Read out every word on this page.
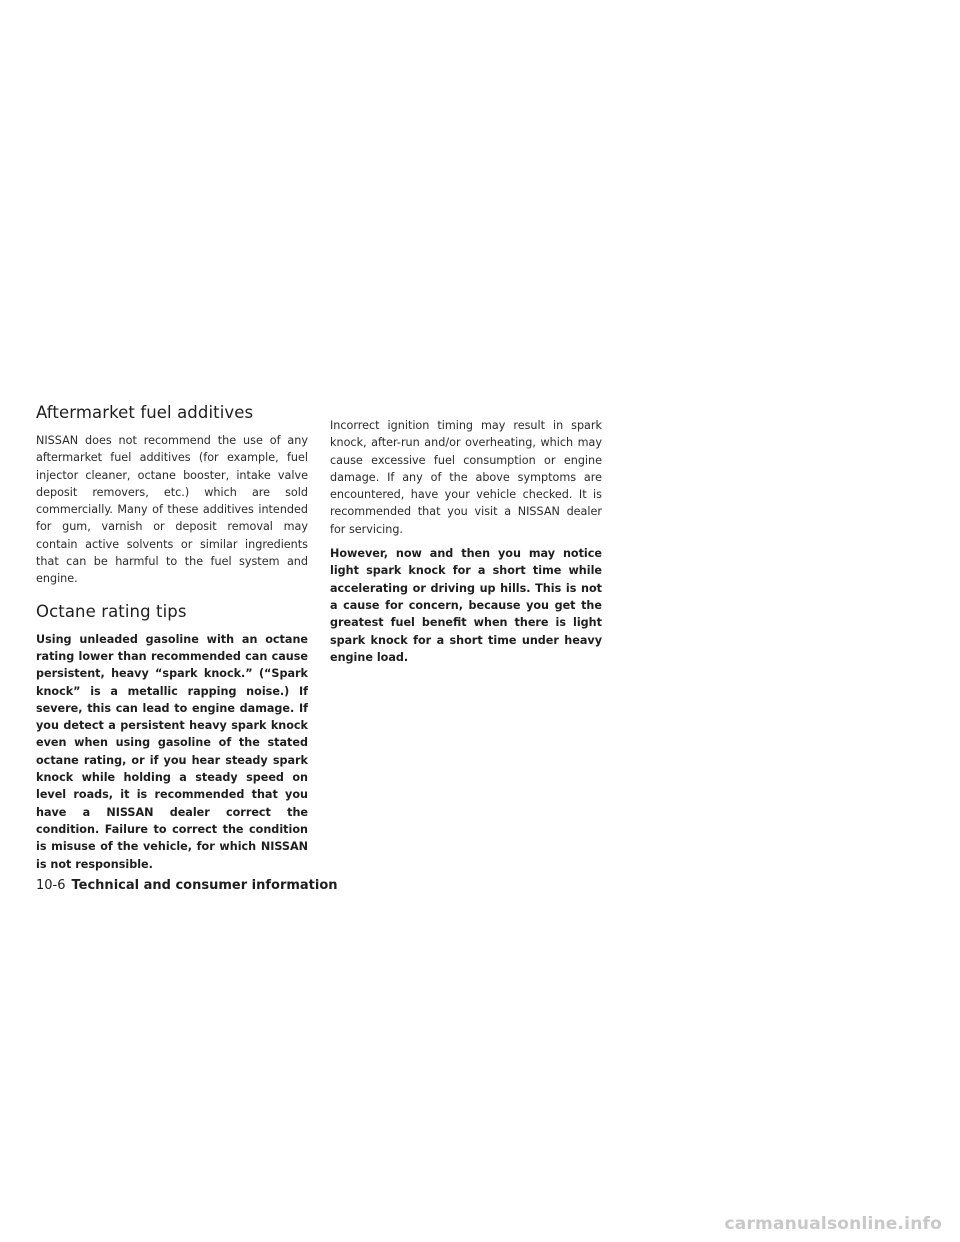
Aftermarket fuel additives

NISSAN does not recommend the use of any aftermarket fuel additives (for example, fuel injector cleaner, octane booster, intake valve deposit removers, etc.) which are sold commercially. Many of these additives intended for gum, varnish or deposit removal may contain active solvents or similar ingredients that can be harmful to the fuel system and engine.

Octane rating tips

Using unleaded gasoline with an octane rating lower than recommended can cause persistent, heavy “spark knock.” (“Spark knock” is a metallic rapping noise.) If severe, this can lead to engine damage. If you detect a persistent heavy spark knock even when using gasoline of the stated octane rating, or if you hear steady spark knock while holding a steady speed on level roads, it is recommended that you have a NISSAN dealer correct the condition. Failure to correct the condition is misuse of the vehicle, for which NISSAN is not responsible.

Incorrect ignition timing may result in spark knock, after-run and/or overheating, which may cause excessive fuel consumption or engine damage. If any of the above symptoms are encountered, have your vehicle checked. It is recommended that you visit a NISSAN dealer for servicing.

However, now and then you may notice light spark knock for a short time while accelerating or driving up hills. This is not a cause for concern, because you get the greatest fuel benefit when there is light spark knock for a short time under heavy engine load.

10-6 Technical and consumer information
carmanualsonline.info
